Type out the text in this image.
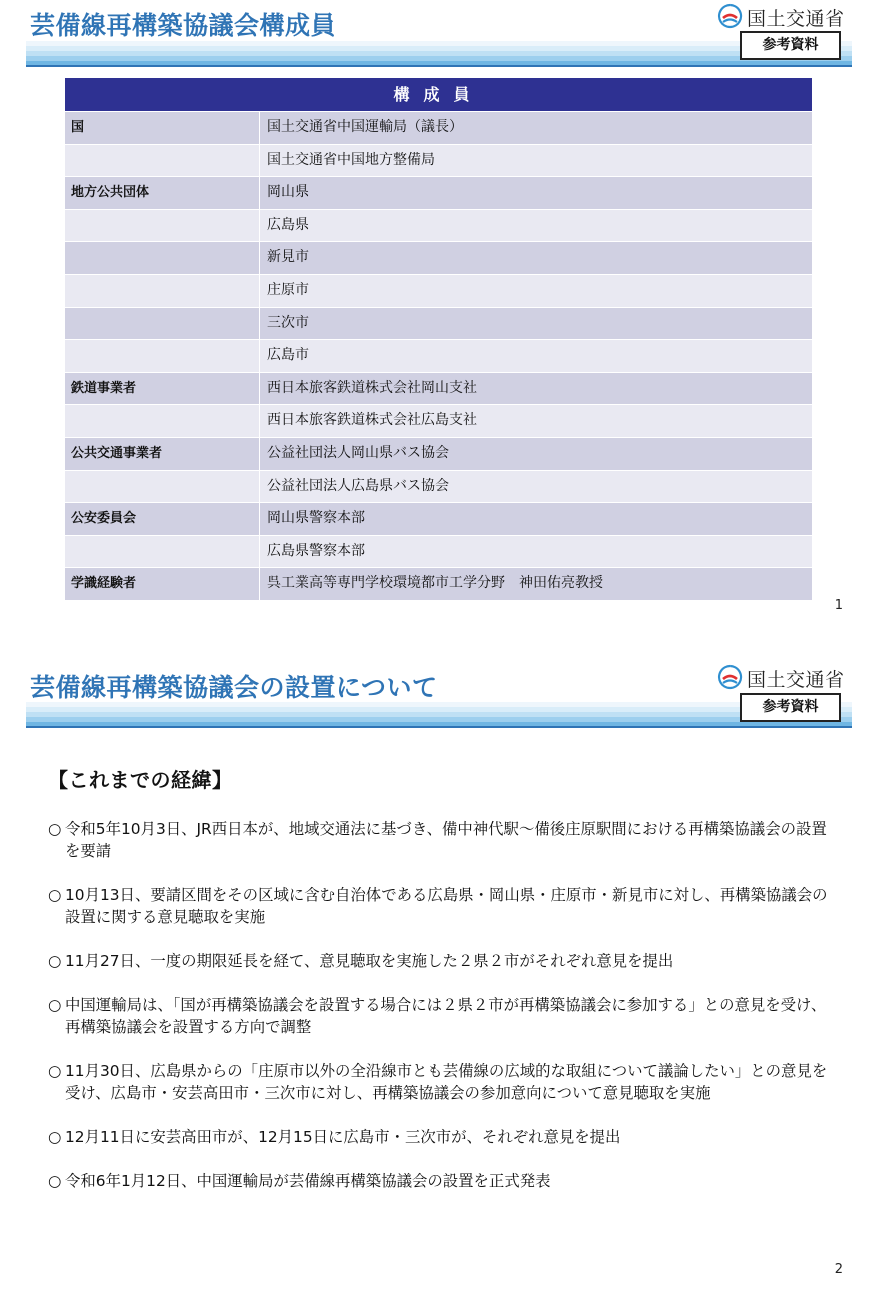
芸備線再構築協議会構成員	国土交通省
参考資料
構成員
国	国土交通省中国運輸局（議長）
国土交通省中国地方整備局
地方公共団体	岡山県
広島県
新見市
庄原市
三次市
広島市
鉄道事業者	西日本旅客鉄道株式会社岡山支社
西日本旅客鉄道株式会社広島支社
公共交通事業者	公益社団法人岡山県バス協会
公益社団法人広島県バス協会
公安委員会	岡山県警察本部
広島県警察本部
学識経験者	呉工業高等専門学校環境都市工学分野　神田佑亮教授
1
芸備線再構築協議会の設置について	国土交通省
参考資料
【これまでの経緯】
○ 令和5年10月3日、JR西日本が、地域交通法に基づき、備中神代駅～備後庄原駅間における再構築協議会の設置を要請
○ 10月13日、要請区間をその区域に含む自治体である広島県・岡山県・庄原市・新見市に対し、再構築協議会の設置に関する意見聴取を実施
○ 11月27日、一度の期限延長を経て、意見聴取を実施した２県２市がそれぞれ意見を提出
○ 中国運輸局は、「国が再構築協議会を設置する場合には２県２市が再構築協議会に参加する」との意見を受け、再構築協議会を設置する方向で調整
○ 11月30日、広島県からの「庄原市以外の全沿線市とも芸備線の広域的な取組について議論したい」との意見を受け、広島市・安芸高田市・三次市に対し、再構築協議会の参加意向について意見聴取を実施
○ 12月11日に安芸高田市が、12月15日に広島市・三次市が、それぞれ意見を提出
○ 令和6年1月12日、中国運輸局が芸備線再構築協議会の設置を正式発表
2
